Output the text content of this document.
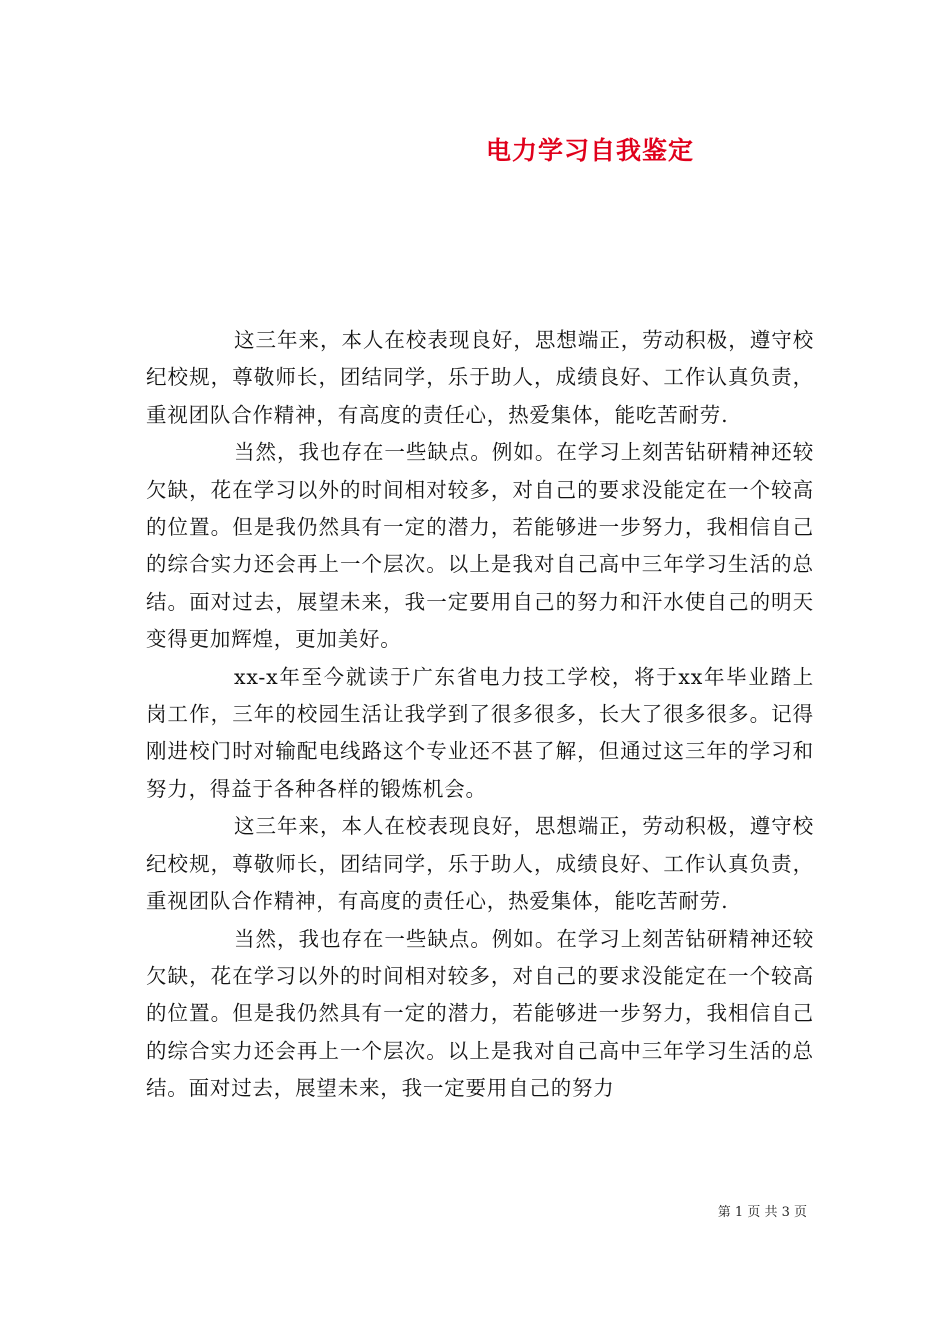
电力学习自我鉴定

这三年来，本人在校表现良好，思想端正，劳动积极，遵守校纪校规，尊敬师长，团结同学，乐于助人，成绩良好、工作认真负责，重视团队合作精神，有高度的责任心，热爱集体，能吃苦耐劳.

当然，我也存在一些缺点。例如。在学习上刻苦钻研精神还较欠缺，花在学习以外的时间相对较多，对自己的要求没能定在一个较高的位置。但是我仍然具有一定的潜力，若能够进一步努力，我相信自己的综合实力还会再上一个层次。以上是我对自己高中三年学习生活的总结。面对过去，展望未来，我一定要用自己的努力和汗水使自己的明天变得更加辉煌，更加美好。

xx-x年至今就读于广东省电力技工学校，将于xx年毕业踏上岗工作，三年的校园生活让我学到了很多很多，长大了很多很多。记得刚进校门时对输配电线路这个专业还不甚了解，但通过这三年的学习和努力，得益于各种各样的锻炼机会。

这三年来，本人在校表现良好，思想端正，劳动积极，遵守校纪校规，尊敬师长，团结同学，乐于助人，成绩良好、工作认真负责，重视团队合作精神，有高度的责任心，热爱集体，能吃苦耐劳.

当然，我也存在一些缺点。例如。在学习上刻苦钻研精神还较欠缺，花在学习以外的时间相对较多，对自己的要求没能定在一个较高的位置。但是我仍然具有一定的潜力，若能够进一步努力，我相信自己的综合实力还会再上一个层次。以上是我对自己高中三年学习生活的总结。面对过去，展望未来，我一定要用自己的努力

第 1 页 共 3 页
